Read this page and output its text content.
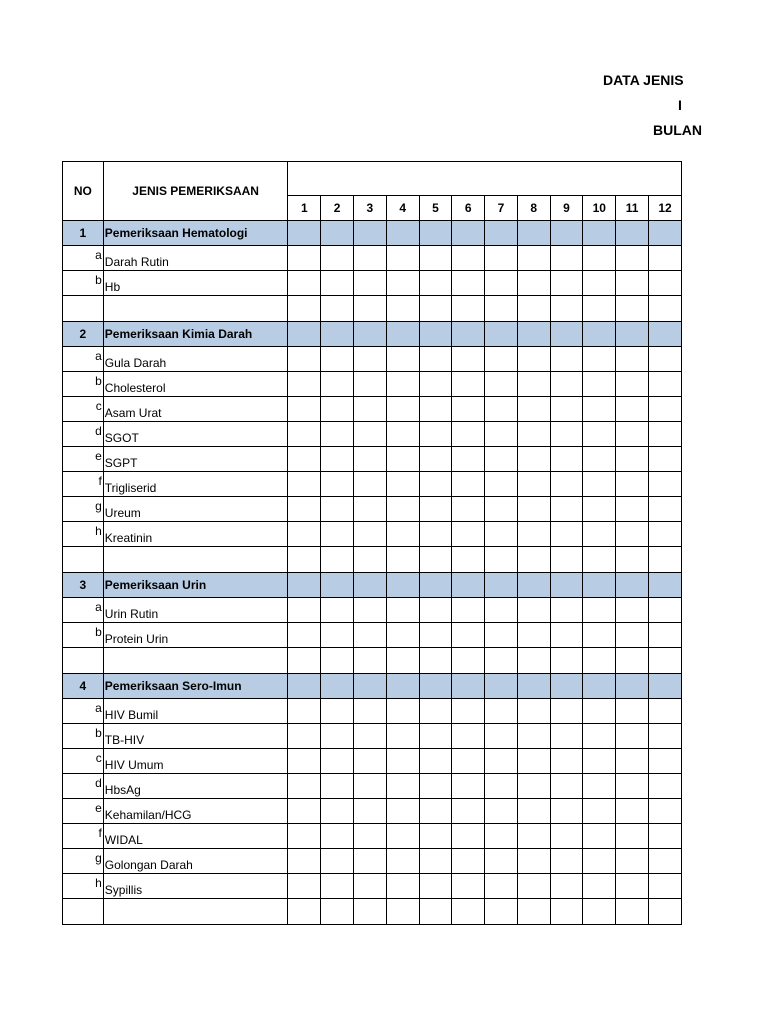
DATA JENIS
I
BULAN
NO	JENIS PEMERIKSAAN												
		1	2	3	4	5	6	7	8	9	10	11	12
1	Pemeriksaan Hematologi												
a	Darah Rutin												
b	Hb												

2	Pemeriksaan Kimia Darah												
a	Gula Darah												
b	Cholesterol												
c	Asam Urat												
d	SGOT												
e	SGPT												
f	Trigliserid												
g	Ureum												
h	Kreatinin												

3	Pemeriksaan Urin												
a	Urin Rutin												
b	Protein Urin												

4	Pemeriksaan Sero-Imun												
a	HIV Bumil												
b	TB-HIV												
c	HIV Umum												
d	HbsAg												
e	Kehamilan/HCG												
f	WIDAL												
g	Golongan Darah												
h	Sypillis												
